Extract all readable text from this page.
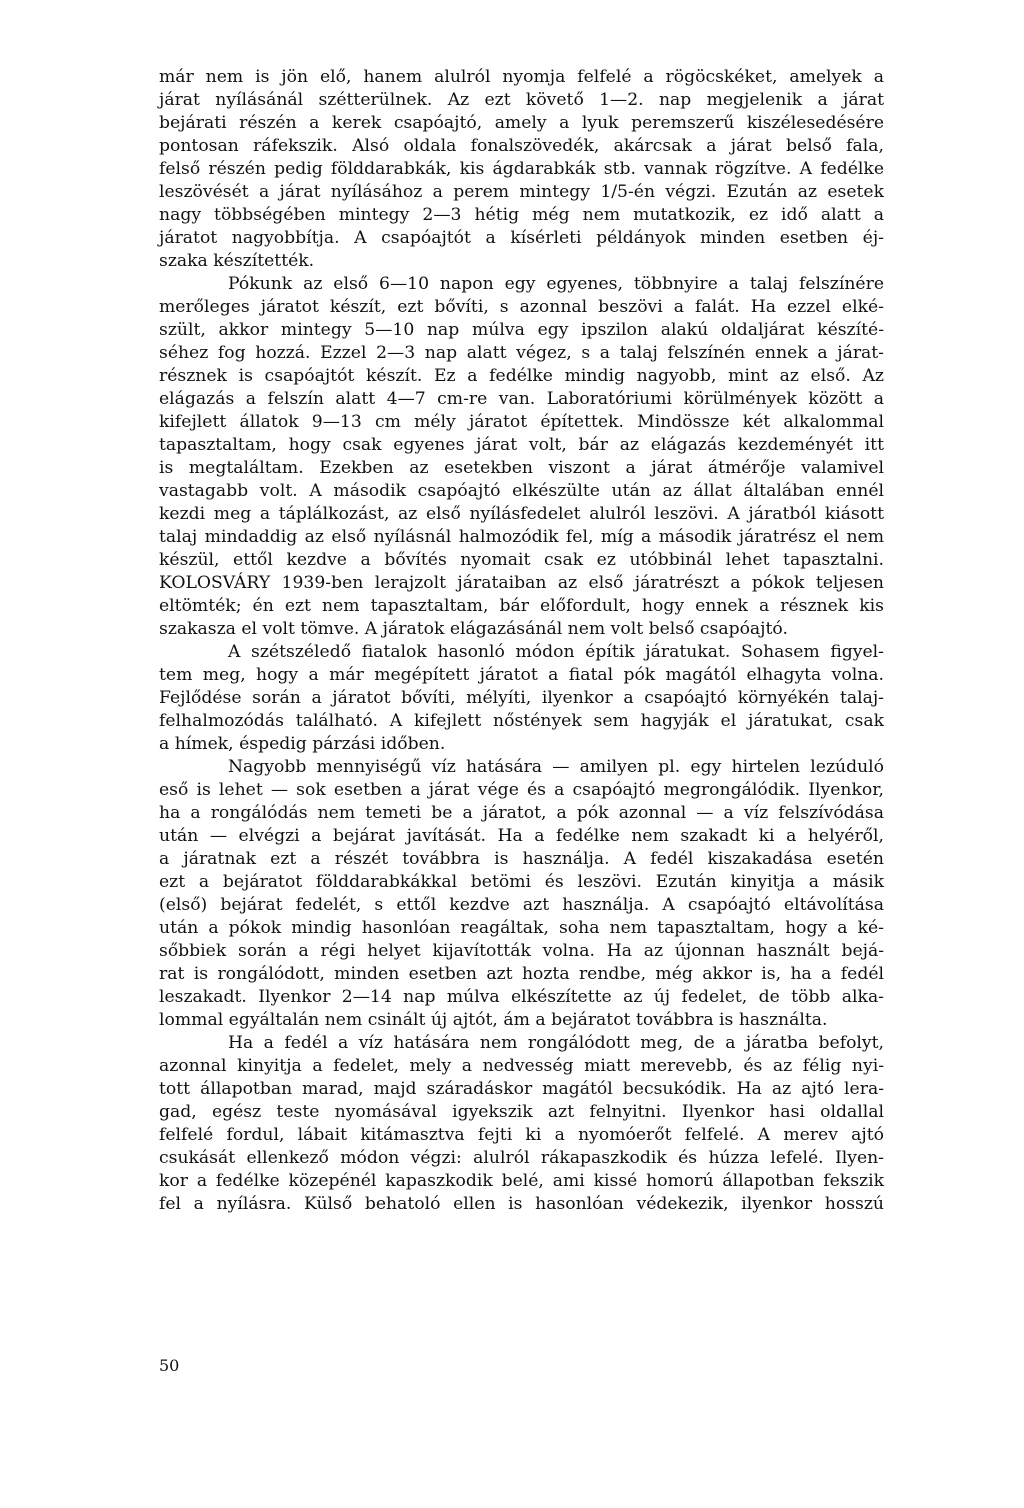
már nem is jön elő, hanem alulról nyomja felfelé a rögöcskéket, amelyek a
járat nyílásánál szétterülnek. Az ezt követő 1—2. nap megjelenik a járat
bejárati részén a kerek csapóajtó, amely a lyuk peremszerű kiszélesedésére
pontosan ráfekszik. Alsó oldala fonalszövedék, akárcsak a járat belső fala,
felső részén pedig földdarabkák, kis ágdarabkák stb. vannak rögzítve. A fedélke
leszövését a járat nyílásához a perem mintegy 1/5-én végzi. Ezután az esetek
nagy többségében mintegy 2—3 hétig még nem mutatkozik, ez idő alatt a
járatot nagyobbítja. A csapóajtót a kísérleti példányok minden esetben éj-
szaka készítették.
Pókunk az első 6—10 napon egy egyenes, többnyire a talaj felszínére
merőleges járatot készít, ezt bővíti, s azonnal beszövi a falát. Ha ezzel elké-
szült, akkor mintegy 5—10 nap múlva egy ipszilon alakú oldaljárat készíté-
séhez fog hozzá. Ezzel 2—3 nap alatt végez, s a talaj felszínén ennek a járat-
résznek is csapóajtót készít. Ez a fedélke mindig nagyobb, mint az első. Az
elágazás a felszín alatt 4—7 cm-re van. Laboratóriumi körülmények között a
kifejlett állatok 9—13 cm mély járatot építettek. Mindössze két alkalommal
tapasztaltam, hogy csak egyenes járat volt, bár az elágazás kezdeményét itt
is megtaláltam. Ezekben az esetekben viszont a járat átmérője valamivel
vastagabb volt. A második csapóajtó elkészülte után az állat általában ennél
kezdi meg a táplálkozást, az első nyílásfedelet alulról leszövi. A járatból kiásott
talaj mindaddig az első nyílásnál halmozódik fel, míg a második járatrész el nem
készül, ettől kezdve a bővítés nyomait csak ez utóbbinál lehet tapasztalni.
KOLOSVÁRY 1939-ben lerajzolt járataiban az első járatrészt a pókok teljesen
eltömték; én ezt nem tapasztaltam, bár előfordult, hogy ennek a résznek kis
szakasza el volt tömve. A járatok elágazásánál nem volt belső csapóajtó.
A szétszéledő fiatalok hasonló módon építik járatukat. Sohasem figyel-
tem meg, hogy a már megépített járatot a fiatal pók magától elhagyta volna.
Fejlődése során a járatot bővíti, mélyíti, ilyenkor a csapóajtó környékén talaj-
felhalmozódás található. A kifejlett nőstények sem hagyják el járatukat, csak
a hímek, éspedig párzási időben.
Nagyobb mennyiségű víz hatására — amilyen pl. egy hirtelen lezúduló
eső is lehet — sok esetben a járat vége és a csapóajtó megrongálódik. Ilyenkor,
ha a rongálódás nem temeti be a járatot, a pók azonnal — a víz felszívódása
után — elvégzi a bejárat javítását. Ha a fedélke nem szakadt ki a helyéről,
a járatnak ezt a részét továbbra is használja. A fedél kiszakadása esetén
ezt a bejáratot földdarabkákkal betömi és leszövi. Ezután kinyitja a másik
(első) bejárat fedelét, s ettől kezdve azt használja. A csapóajtó eltávolítása
után a pókok mindig hasonlóan reagáltak, soha nem tapasztaltam, hogy a ké-
sőbbiek során a régi helyet kijavították volna. Ha az újonnan használt bejá-
rat is rongálódott, minden esetben azt hozta rendbe, még akkor is, ha a fedél
leszakadt. Ilyenkor 2—14 nap múlva elkészítette az új fedelet, de több alka-
lommal egyáltalán nem csinált új ajtót, ám a bejáratot továbbra is használta.
Ha a fedél a víz hatására nem rongálódott meg, de a járatba befolyt,
azonnal kinyitja a fedelet, mely a nedvesség miatt merevebb, és az félig nyi-
tott állapotban marad, majd száradáskor magától becsukódik. Ha az ajtó lera-
gad, egész teste nyomásával igyekszik azt felnyitni. Ilyenkor hasi oldallal
felfelé fordul, lábait kitámasztva fejti ki a nyomóerőt felfelé. A merev ajtó
csukását ellenkező módon végzi: alulról rákapaszkodik és húzza lefelé. Ilyen-
kor a fedélke közepénél kapaszkodik belé, ami kissé homorú állapotban fekszik
fel a nyílásra. Külső behatoló ellen is hasonlóan védekezik, ilyenkor hosszú
50
